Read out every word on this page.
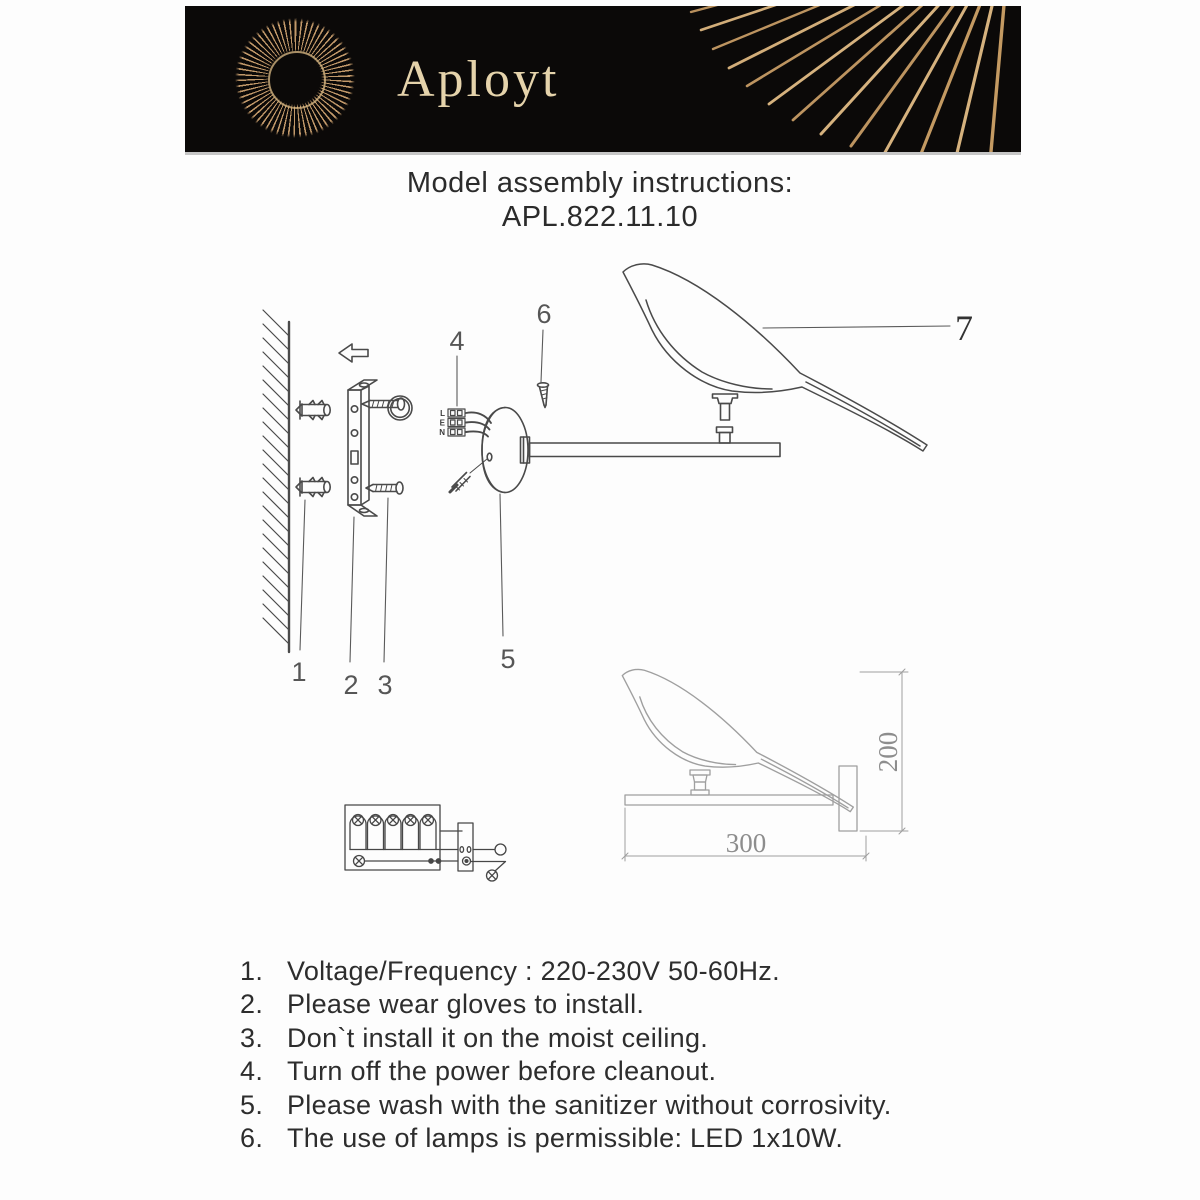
Aployt
Model assembly instructions:
APL.822.11.10
L
E
N
1 2 3
4
5
6	7
300
200
1. Voltage/Frequency : 220-230V 50-60Hz.
2. Please wear gloves to install.
3. Don`t install it on the moist ceiling.
4. Turn off the power before cleanout.
5. Please wash with the sanitizer without corrosivity.
6. The use of lamps is permissible: LED 1x10W.
